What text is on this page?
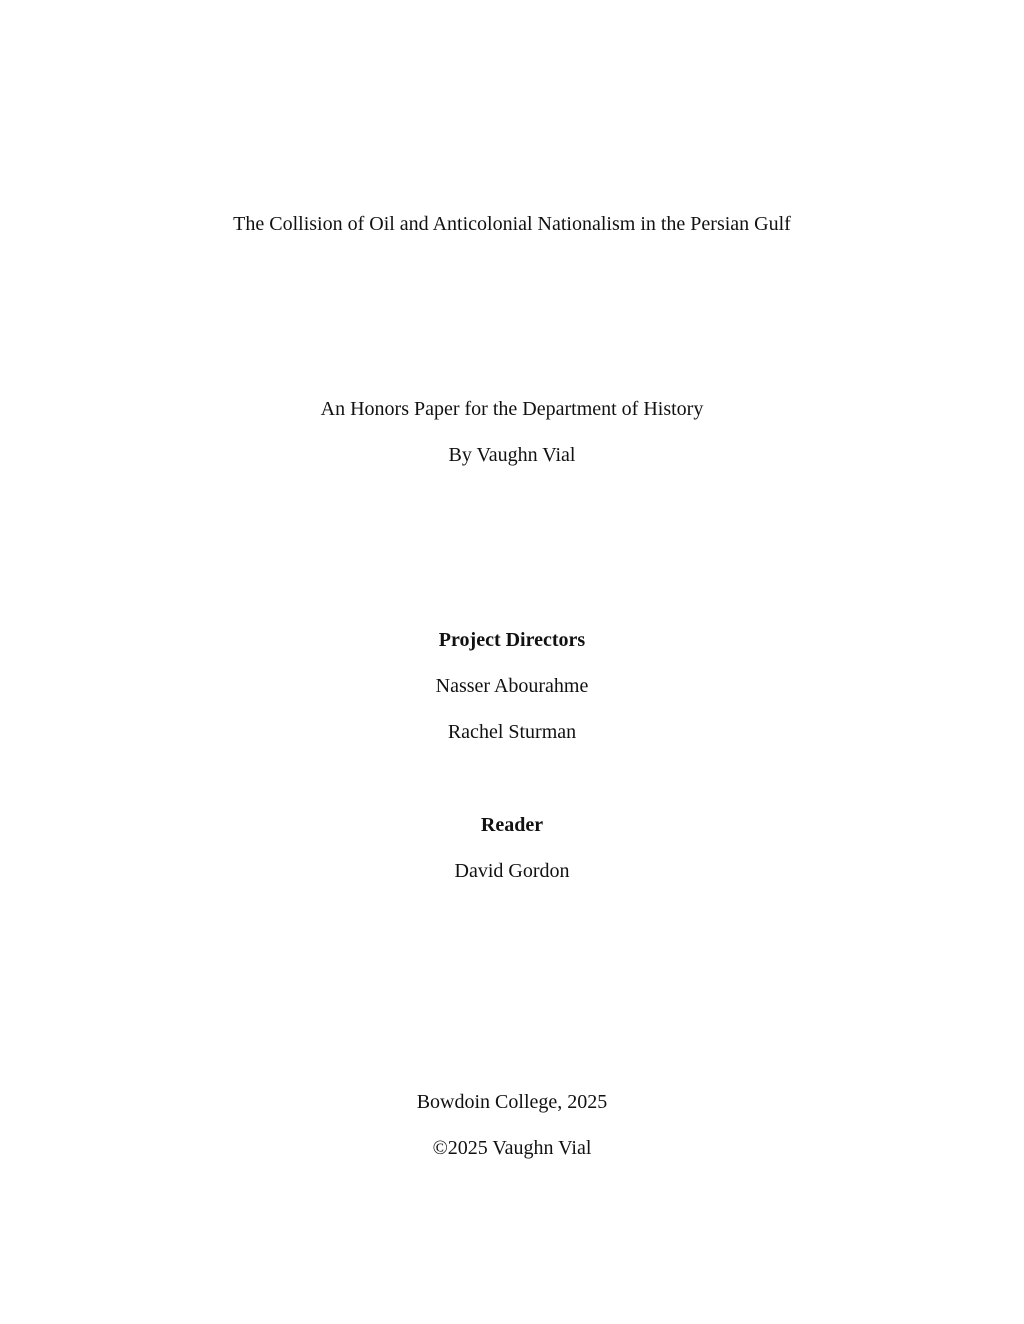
The Collision of Oil and Anticolonial Nationalism in the Persian Gulf
An Honors Paper for the Department of History
By Vaughn Vial
Project Directors
Nasser Abourahme
Rachel Sturman
Reader
David Gordon
Bowdoin College, 2025
©2025 Vaughn Vial
